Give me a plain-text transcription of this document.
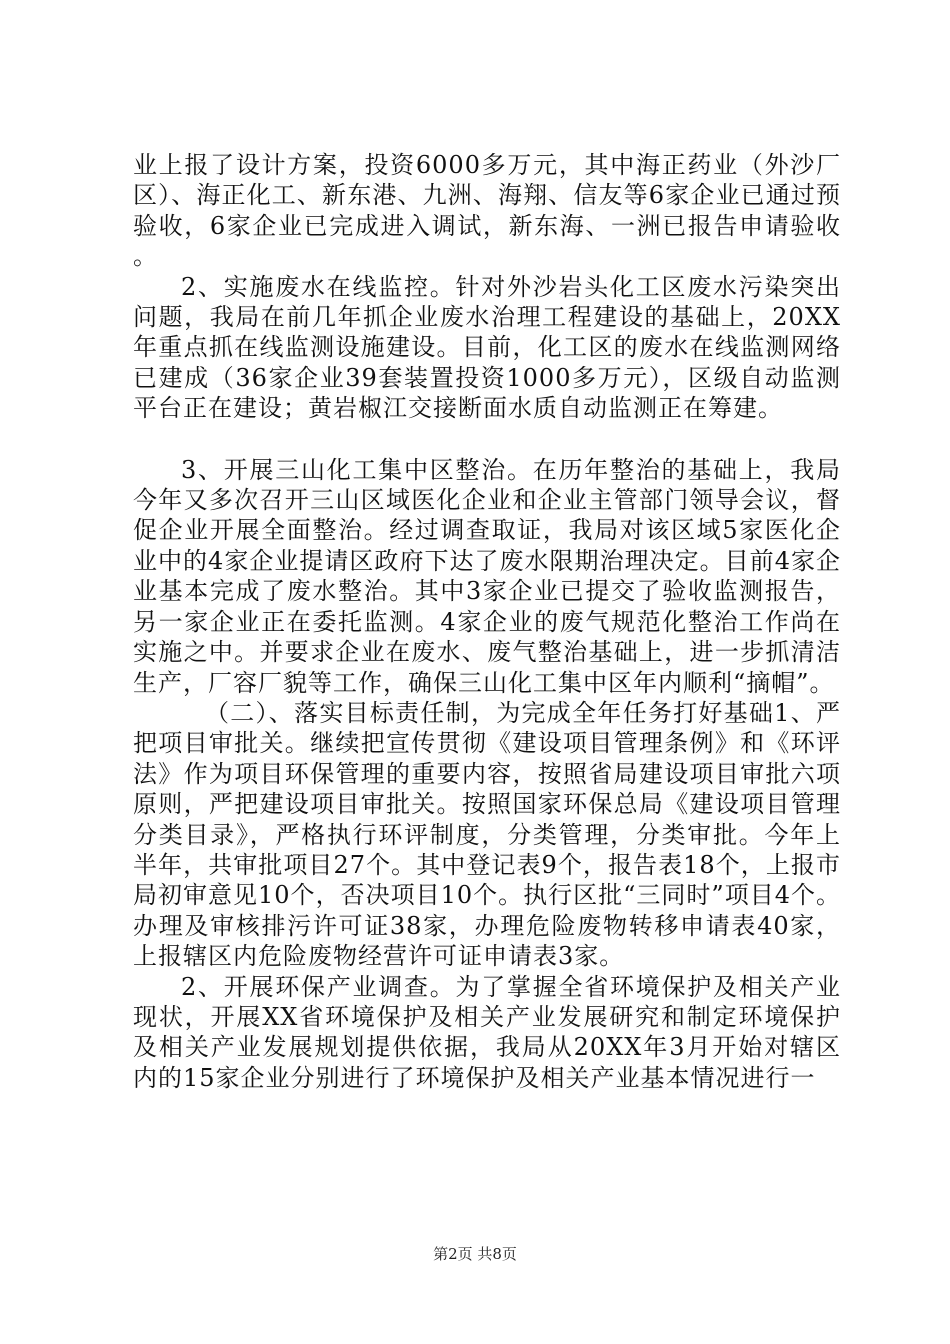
业上报了设计方案，投资6000多万元，其中海正药业（外沙厂区）、海正化工、新东港、九洲、海翔、信友等6家企业已通过预验收，6家企业已完成进入调试，新东海、一洲已报告申请验收。

2、实施废水在线监控。针对外沙岩头化工区废水污染突出问题，我局在前几年抓企业废水治理工程建设的基础上，20XX年重点抓在线监测设施建设。目前，化工区的废水在线监测网络已建成（36家企业39套装置投资1000多万元），区级自动监测平台正在建设；黄岩椒江交接断面水质自动监测正在筹建。

3、开展三山化工集中区整治。在历年整治的基础上，我局今年又多次召开三山区域医化企业和企业主管部门领导会议，督促企业开展全面整治。经过调查取证，我局对该区域5家医化企业中的4家企业提请区政府下达了废水限期治理决定。目前4家企业基本完成了废水整治。其中3家企业已提交了验收监测报告，另一家企业正在委托监测。4家企业的废气规范化整治工作尚在实施之中。并要求企业在废水、废气整治基础上，进一步抓清洁生产，厂容厂貌等工作，确保三山化工集中区年内顺利“摘帽”。

（二）、落实目标责任制，为完成全年任务打好基础1、严把项目审批关。继续把宣传贯彻《建设项目管理条例》和《环评法》作为项目环保管理的重要内容，按照省局建设项目审批六项原则，严把建设项目审批关。按照国家环保总局《建设项目管理分类目录》，严格执行环评制度，分类管理，分类审批。今年上半年，共审批项目27个。其中登记表9个，报告表18个，上报市局初审意见10个，否决项目10个。执行区批“三同时”项目4个。办理及审核排污许可证38家，办理危险废物转移申请表40家，上报辖区内危险废物经营许可证申请表3家。

2、开展环保产业调查。为了掌握全省环境保护及相关产业现状，开展XX省环境保护及相关产业发展研究和制定环境保护及相关产业发展规划提供依据，我局从20XX年3月开始对辖区内的15家企业分别进行了环境保护及相关产业基本情况进行一

第2页 共8页
